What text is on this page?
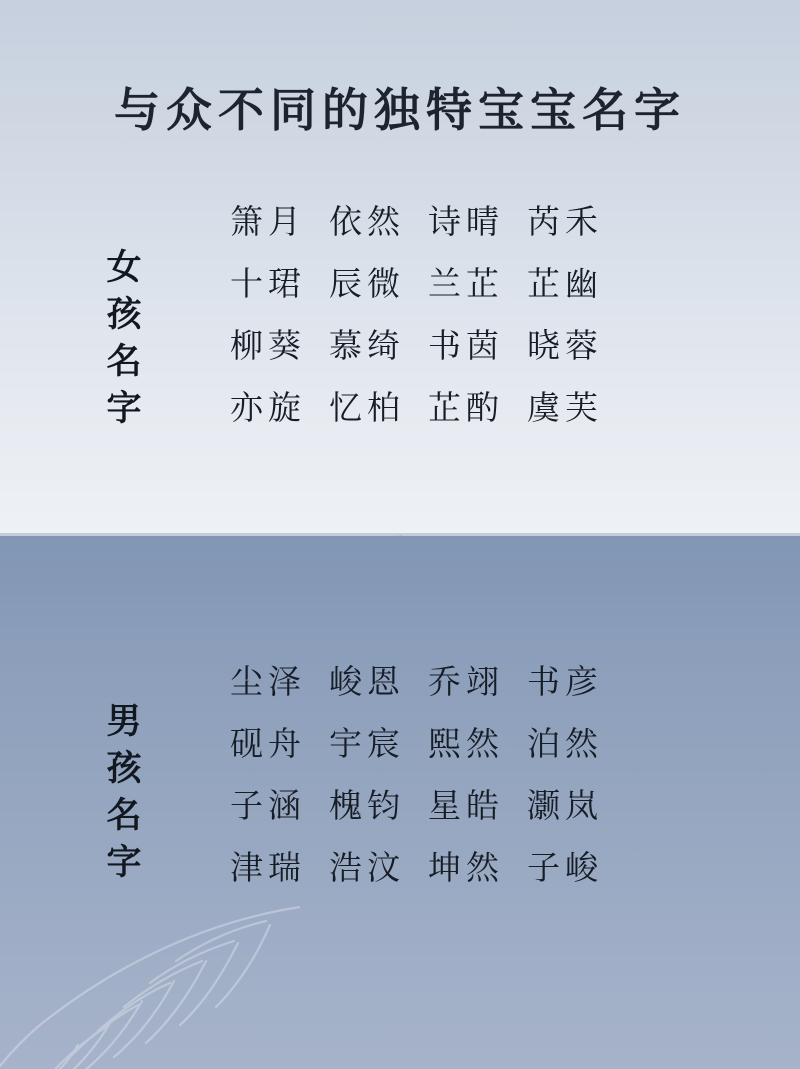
与众不同的独特宝宝名字
女孩名字
箫月 依然 诗晴 芮禾
十珺 辰微 兰芷 芷幽
柳葵 慕绮 书茵 晓蓉
亦旋 忆柏 芷酌 虞芙
男孩名字
尘泽 峻恩 乔翊 书彦
砚舟 宇宸 熙然 泊然
子涵 槐钧 星皓 灏岚
津瑞 浩汶 坤然 子峻
